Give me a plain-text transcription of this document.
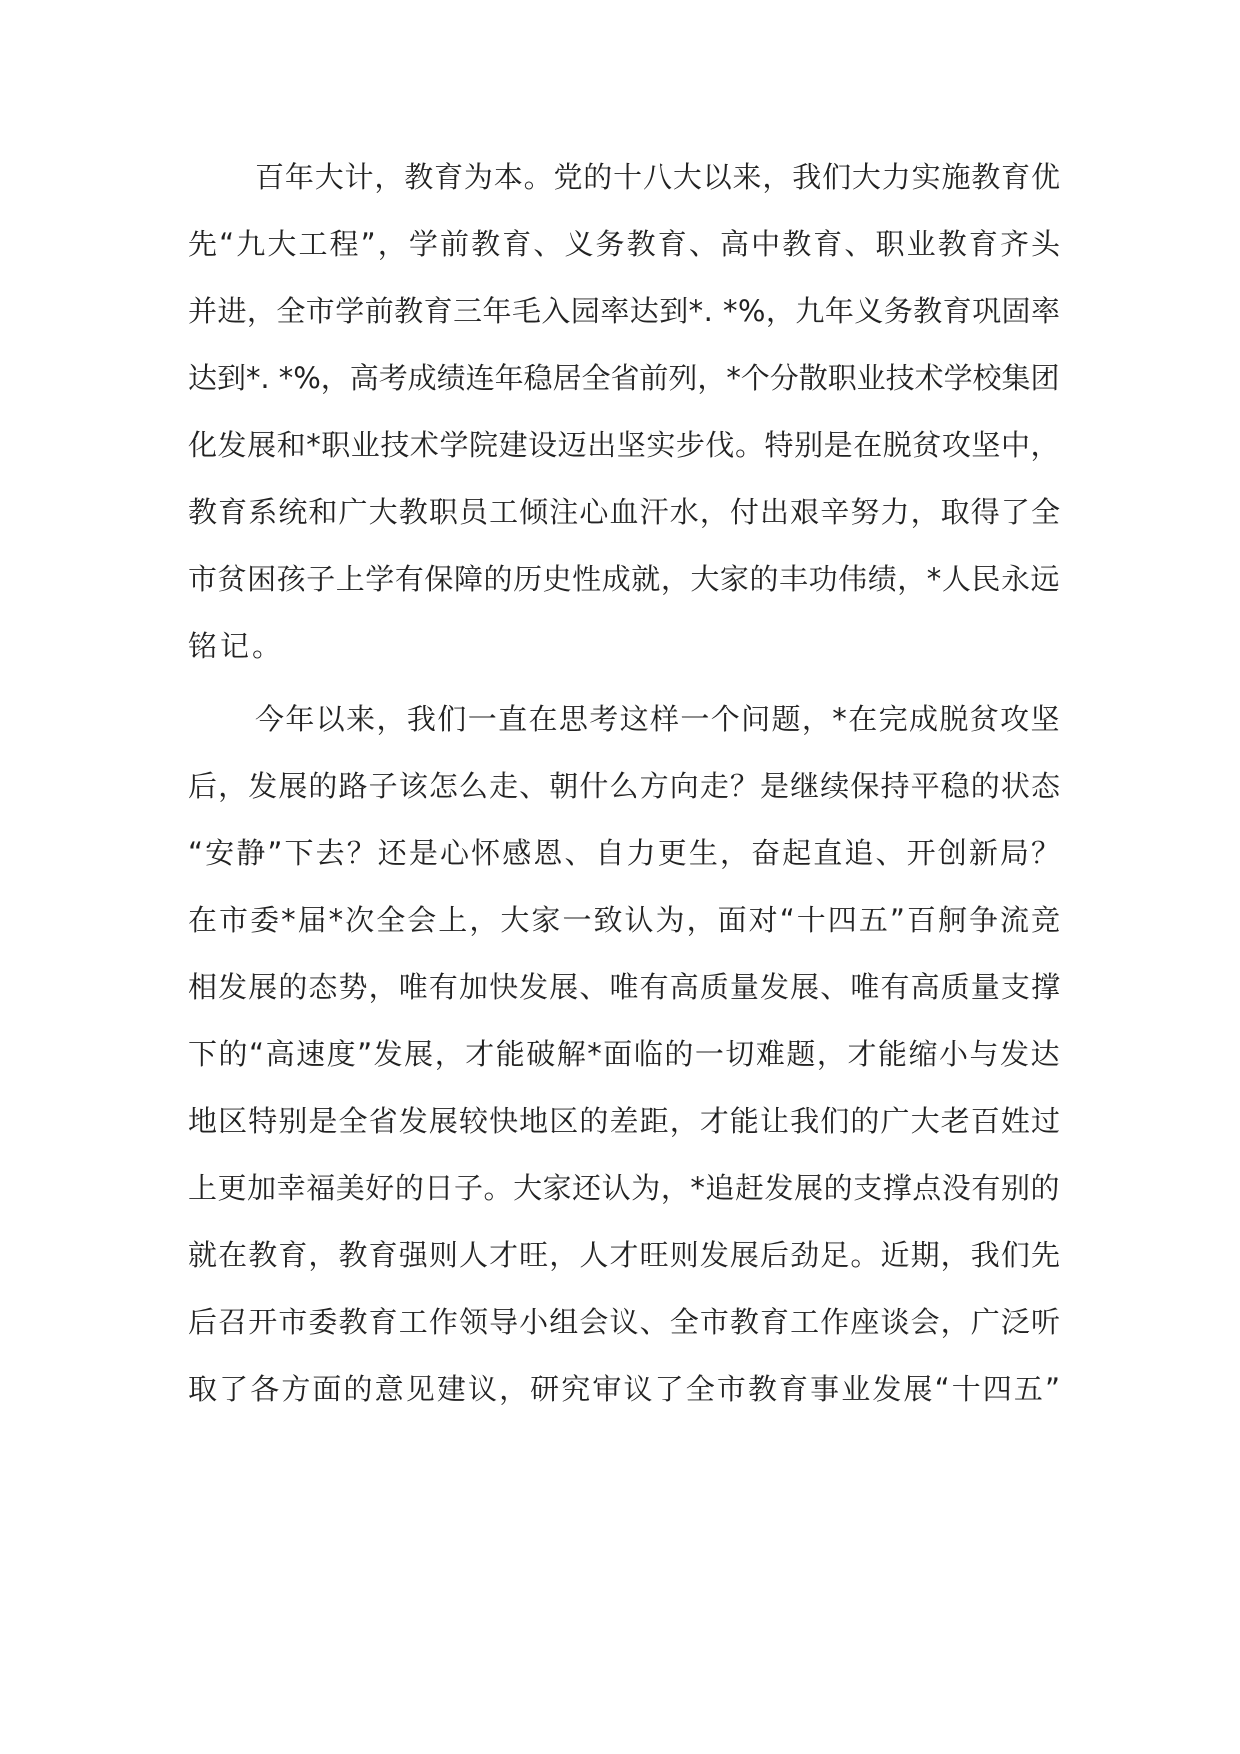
百年大计，教育为本。党的十八大以来，我们大力实施教育优
先“九大工程”，学前教育、义务教育、高中教育、职业教育齐头
并进，全市学前教育三年毛入园率达到*. *%，九年义务教育巩固率
达到*. *%，高考成绩连年稳居全省前列，*个分散职业技术学校集团
化发展和*职业技术学院建设迈出坚实步伐。特别是在脱贫攻坚中，
教育系统和广大教职员工倾注心血汗水，付出艰辛努力，取得了全
市贫困孩子上学有保障的历史性成就，大家的丰功伟绩，*人民永远
铭记。
今年以来，我们一直在思考这样一个问题，*在完成脱贫攻坚
后，发展的路子该怎么走、朝什么方向走？是继续保持平稳的状态
“安静”下去？还是心怀感恩、自力更生，奋起直追、开创新局？
在市委*届*次全会上，大家一致认为，面对“十四五”百舸争流竞
相发展的态势，唯有加快发展、唯有高质量发展、唯有高质量支撑
下的“高速度”发展，才能破解*面临的一切难题，才能缩小与发达
地区特别是全省发展较快地区的差距，才能让我们的广大老百姓过
上更加幸福美好的日子。大家还认为，*追赶发展的支撑点没有别的
就在教育，教育强则人才旺，人才旺则发展后劲足。近期，我们先
后召开市委教育工作领导小组会议、全市教育工作座谈会，广泛听
取了各方面的意见建议，研究审议了全市教育事业发展“十四五”
